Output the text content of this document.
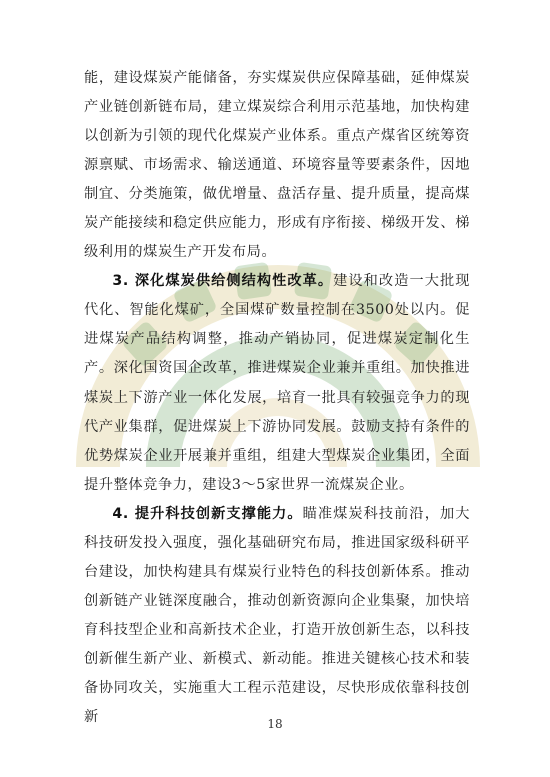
能，建设煤炭产能储备，夯实煤炭供应保障基础，延伸煤炭产业链创新链布局，建立煤炭综合利用示范基地，加快构建以创新为引领的现代化煤炭产业体系。重点产煤省区统筹资源禀赋、市场需求、输送通道、环境容量等要素条件，因地制宜、分类施策，做优增量、盘活存量、提升质量，提高煤炭产能接续和稳定供应能力，形成有序衔接、梯级开发、梯级利用的煤炭生产开发布局。

3. 深化煤炭供给侧结构性改革。建设和改造一大批现代化、智能化煤矿，全国煤矿数量控制在3500处以内。促进煤炭产品结构调整，推动产销协同，促进煤炭定制化生产。深化国资国企改革，推进煤炭企业兼并重组。加快推进煤炭上下游产业一体化发展，培育一批具有较强竞争力的现代产业集群，促进煤炭上下游协同发展。鼓励支持有条件的优势煤炭企业开展兼并重组，组建大型煤炭企业集团，全面提升整体竞争力，建设3～5家世界一流煤炭企业。

4. 提升科技创新支撑能力。瞄准煤炭科技前沿，加大科技研发投入强度，强化基础研究布局，推进国家级科研平台建设，加快构建具有煤炭行业特色的科技创新体系。推动创新链产业链深度融合，推动创新资源向企业集聚，加快培育科技型企业和高新技术企业，打造开放创新生态，以科技创新催生新产业、新模式、新动能。推进关键核心技术和装备协同攻关，实施重大工程示范建设，尽快形成依靠科技创新	18
